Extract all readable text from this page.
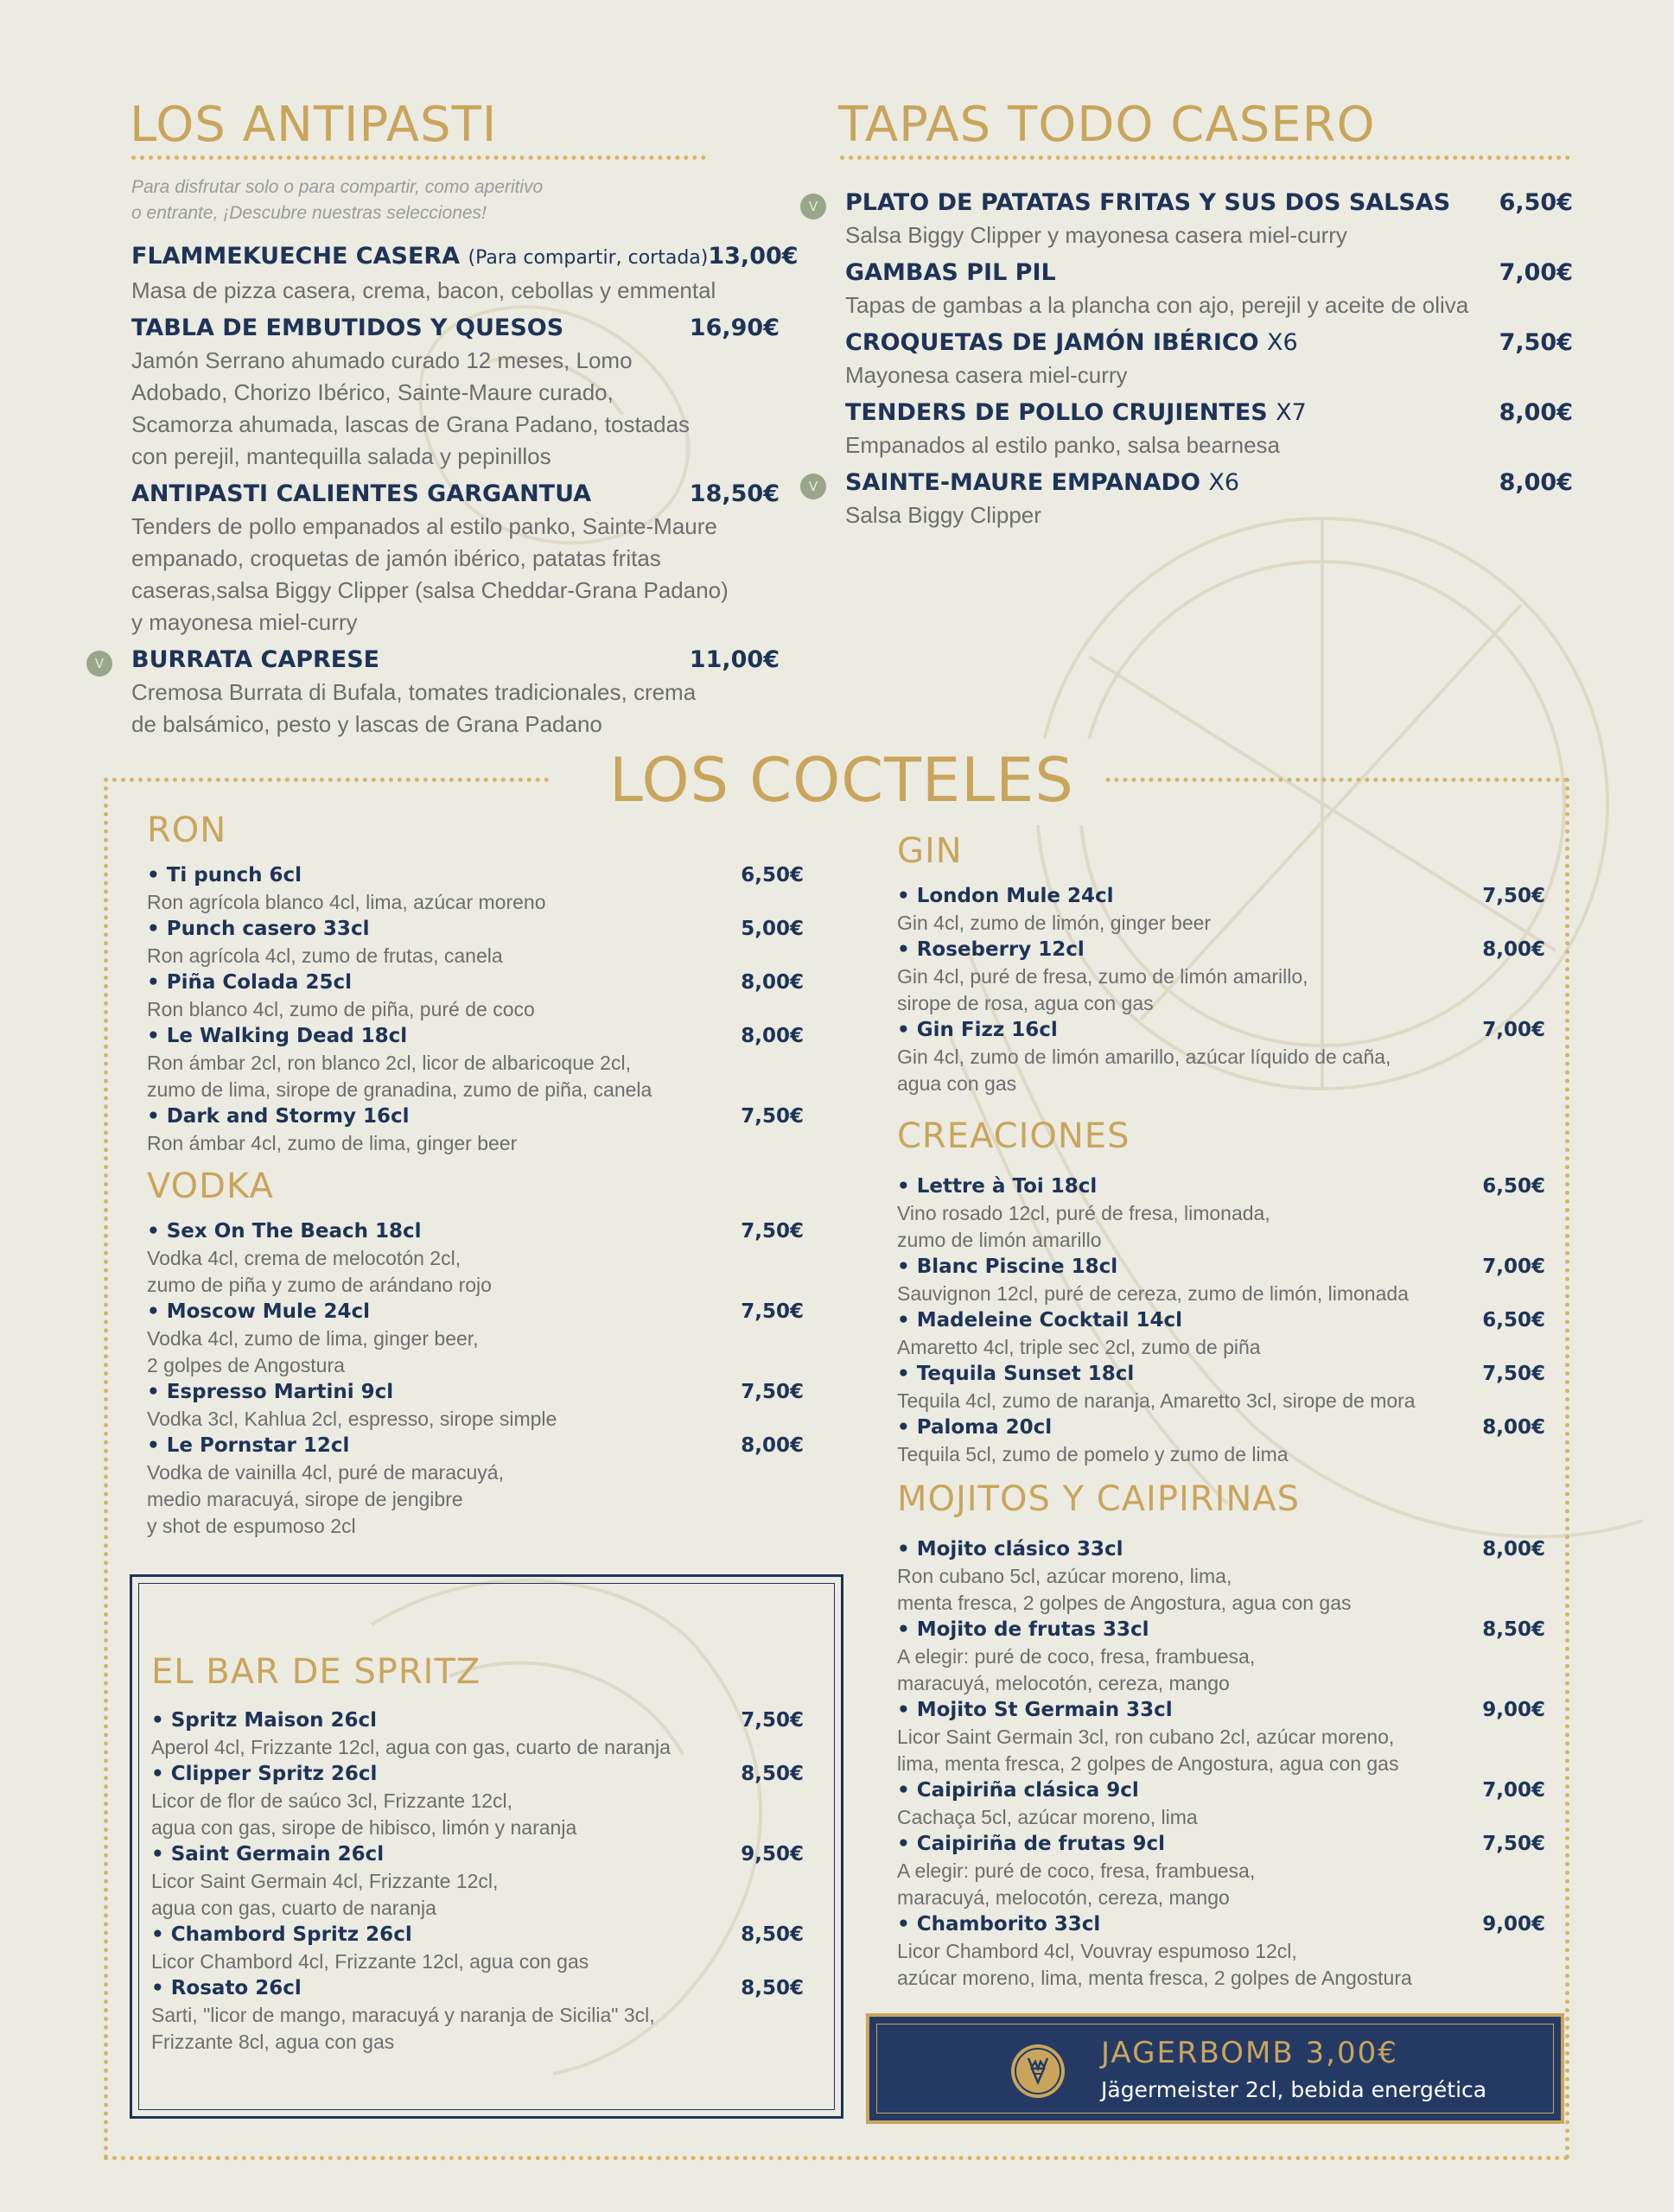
LOS ANTIPASTI

Para disfrutar solo o para compartir, como aperitivo
o entrante, ¡Descubre nuestras selecciones!

FLAMMEKUECHE CASERA (Para compartir, cortada) 13,00€

Masa de pizza casera, crema, bacon, cebollas y emmental

TABLA DE EMBUTIDOS Y QUESOS	16,90€

Jamón Serrano ahumado curado 12 meses, Lomo
Adobado, Chorizo Ibérico, Sainte-Maure curado,
Scamorza ahumada, lascas de Grana Padano, tostadas
con perejil, mantequilla salada y pepinillos

ANTIPASTI CALIENTES GARGANTUA	18,50€

Tenders de pollo empanados al estilo panko, Sainte-Maure
empanado, croquetas de jamón ibérico, patatas fritas
caseras,salsa Biggy Clipper (salsa Cheddar-Grana Padano)
y mayonesa miel-curry

V	BURRATA CAPRESE	11,00€

Cremosa Burrata di Bufala, tomates tradicionales, crema
de balsámico, pesto y lascas de Grana Padano

TAPAS TODO CASERO
V	PLATO DE PATATAS FRITAS Y SUS DOS SALSAS 6,50€

Salsa Biggy Clipper y mayonesa casera miel-curry

GAMBAS PIL PIL	7,00€

Tapas de gambas a la plancha con ajo, perejil y aceite de oliva

CROQUETAS DE JAMÓN IBÉRICO X6	7,50€

Mayonesa casera miel-curry

TENDERS DE POLLO CRUJIENTES X7	8,00€

Empanados al estilo panko, salsa bearnesa

V	SAINTE-MAURE EMPANADO X6	8,00€

Salsa Biggy Clipper

LOS COCTELES
RON
• Ti punch 6cl	6,50€

Ron agrícola blanco 4cl, lima, azúcar moreno

• Punch casero 33cl	5,00€

Ron agrícola 4cl, zumo de frutas, canela

• Piña Colada 25cl	8,00€

Ron blanco 4cl, zumo de piña, puré de coco

• Le Walking Dead 18cl	8,00€

Ron ámbar 2cl, ron blanco 2cl, licor de albaricoque 2cl,
zumo de lima, sirope de granadina, zumo de piña, canela

• Dark and Stormy 16cl	7,50€

Ron ámbar 4cl, zumo de lima, ginger beer

VODKA
• Sex On The Beach 18cl	7,50€

Vodka 4cl, crema de melocotón 2cl,
zumo de piña y zumo de arándano rojo

• Moscow Mule 24cl	7,50€

Vodka 4cl, zumo de lima, ginger beer,
2 golpes de Angostura

• Espresso Martini 9cl	7,50€

Vodka 3cl, Kahlua 2cl, espresso, sirope simple

• Le Pornstar 12cl	8,00€

Vodka de vainilla 4cl, puré de maracuyá,
medio maracuyá, sirope de jengibre
y shot de espumoso 2cl

EL BAR DE SPRITZ
• Spritz Maison 26cl	7,50€

Aperol 4cl, Frizzante 12cl, agua con gas, cuarto de naranja

• Clipper Spritz 26cl	8,50€

Licor de flor de saúco 3cl, Frizzante 12cl,
agua con gas, sirope de hibisco, limón y naranja

• Saint Germain 26cl	9,50€

Licor Saint Germain 4cl, Frizzante 12cl,
agua con gas, cuarto de naranja

• Chambord Spritz 26cl	8,50€

Licor Chambord 4cl, Frizzante 12cl, agua con gas

• Rosato 26cl	8,50€

Sarti, "licor de mango, maracuyá y naranja de Sicilia" 3cl,
Frizzante 8cl, agua con gas

GIN
• London Mule 24cl	7,50€

Gin 4cl, zumo de limón, ginger beer

• Roseberry 12cl	8,00€

Gin 4cl, puré de fresa, zumo de limón amarillo,
sirope de rosa, agua con gas

• Gin Fizz 16cl	7,00€

Gin 4cl, zumo de limón amarillo, azúcar líquido de caña,
agua con gas

CREACIONES
• Lettre à Toi 18cl	6,50€

Vino rosado 12cl, puré de fresa, limonada,
zumo de limón amarillo

• Blanc Piscine 18cl	7,00€

Sauvignon 12cl, puré de cereza, zumo de limón, limonada

• Madeleine Cocktail 14cl	6,50€

Amaretto 4cl, triple sec 2cl, zumo de piña

• Tequila Sunset 18cl	7,50€

Tequila 4cl, zumo de naranja, Amaretto 3cl, sirope de mora

• Paloma 20cl	8,00€

Tequila 5cl, zumo de pomelo y zumo de lima

MOJITOS Y CAIPIRINAS
• Mojito clásico 33cl	8,00€

Ron cubano 5cl, azúcar moreno, lima,
menta fresca, 2 golpes de Angostura, agua con gas

• Mojito de frutas 33cl	8,50€

A elegir: puré de coco, fresa, frambuesa,
maracuyá, melocotón, cereza, mango

• Mojito St Germain 33cl	9,00€

Licor Saint Germain 3cl, ron cubano 2cl, azúcar moreno,
lima, menta fresca, 2 golpes de Angostura, agua con gas

• Caipiriña clásica 9cl	7,00€

Cachaça 5cl, azúcar moreno, lima

• Caipiriña de frutas 9cl	7,50€

A elegir: puré de coco, fresa, frambuesa,
maracuyá, melocotón, cereza, mango

• Chamborito 33cl	9,00€

Licor Chambord 4cl, Vouvray espumoso 12cl,
azúcar moreno, lima, menta fresca, 2 golpes de Angostura

JAGERBOMB 3,00€

Jägermeister 2cl, bebida energética
